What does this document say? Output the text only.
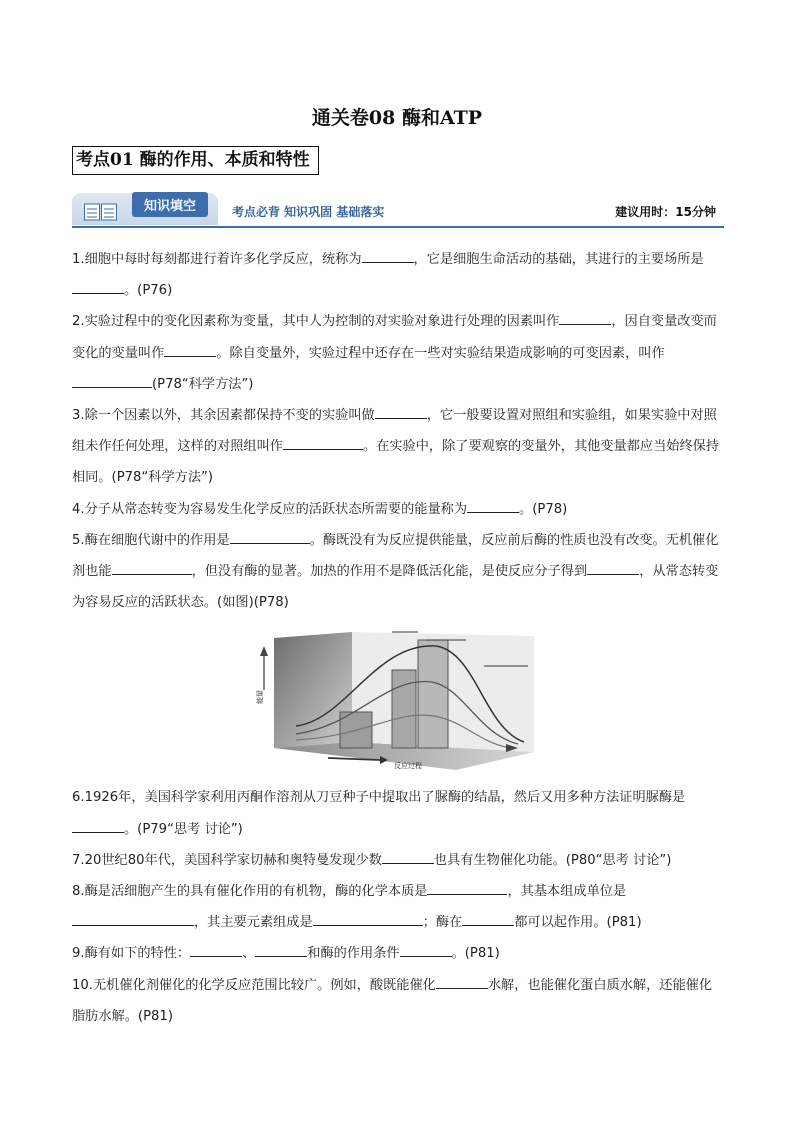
通关卷08 酶和ATP
考点01 酶的作用、本质和特性
知识填空	考点必背 知识巩固 基础落实	建议用时：15分钟

1.细胞中每时每刻都进行着许多化学反应，统称为	，它是细胞生命活动的基础，其进行的主要场所是。(P76)

2.实验过程中的变化因素称为变量，其中人为控制的对实验对象进行处理的因素叫作	，因自变量改变而变化的变量叫作	。除自变量外，实验过程中还存在一些对实验结果造成影响的可变因素，叫作(P78“科学方法”)

3.除一个因素以外，其余因素都保持不变的实验叫做	，它一般要设置对照组和实验组，如果实验中对照组未作任何处理，这样的对照组叫作	。在实验中，除了要观察的变量外，其他变量都应当始终保持相同。(P78“科学方法”)

4.分子从常态转变为容易发生化学反应的活跃状态所需要的能量称为	。(P78)

5.酶在细胞代谢中的作用是	。酶既没有为反应提供能量，反应前后酶的性质也没有改变。无机催化剂也能	，但没有酶的显著。加热的作用不是降低活化能，是使反应分子得到	，从常态转变为容易反应的活跃状态。(如图)(P78)

能量
反应过程

6.1926年，美国科学家利用丙酮作溶剂从刀豆种子中提取出了脲酶的结晶，然后又用多种方法证明脲酶是。(P79“思考 讨论”)

7.20世纪80年代，美国科学家切赫和奥特曼发现少数	也具有生物催化功能。(P80“思考 讨论”)

8.酶是活细胞产生的具有催化作用的有机物，酶的化学本质是	，其基本组成单位是，其主要元素组成是	；酶在	都可以起作用。(P81)

9.酶有如下的特性：	、	和酶的作用条件	。(P81)

10.无机催化剂催化的化学反应范围比较广。例如，酸既能催化	水解，也能催化蛋白质水解，还能催化脂肪水解。(P81)
